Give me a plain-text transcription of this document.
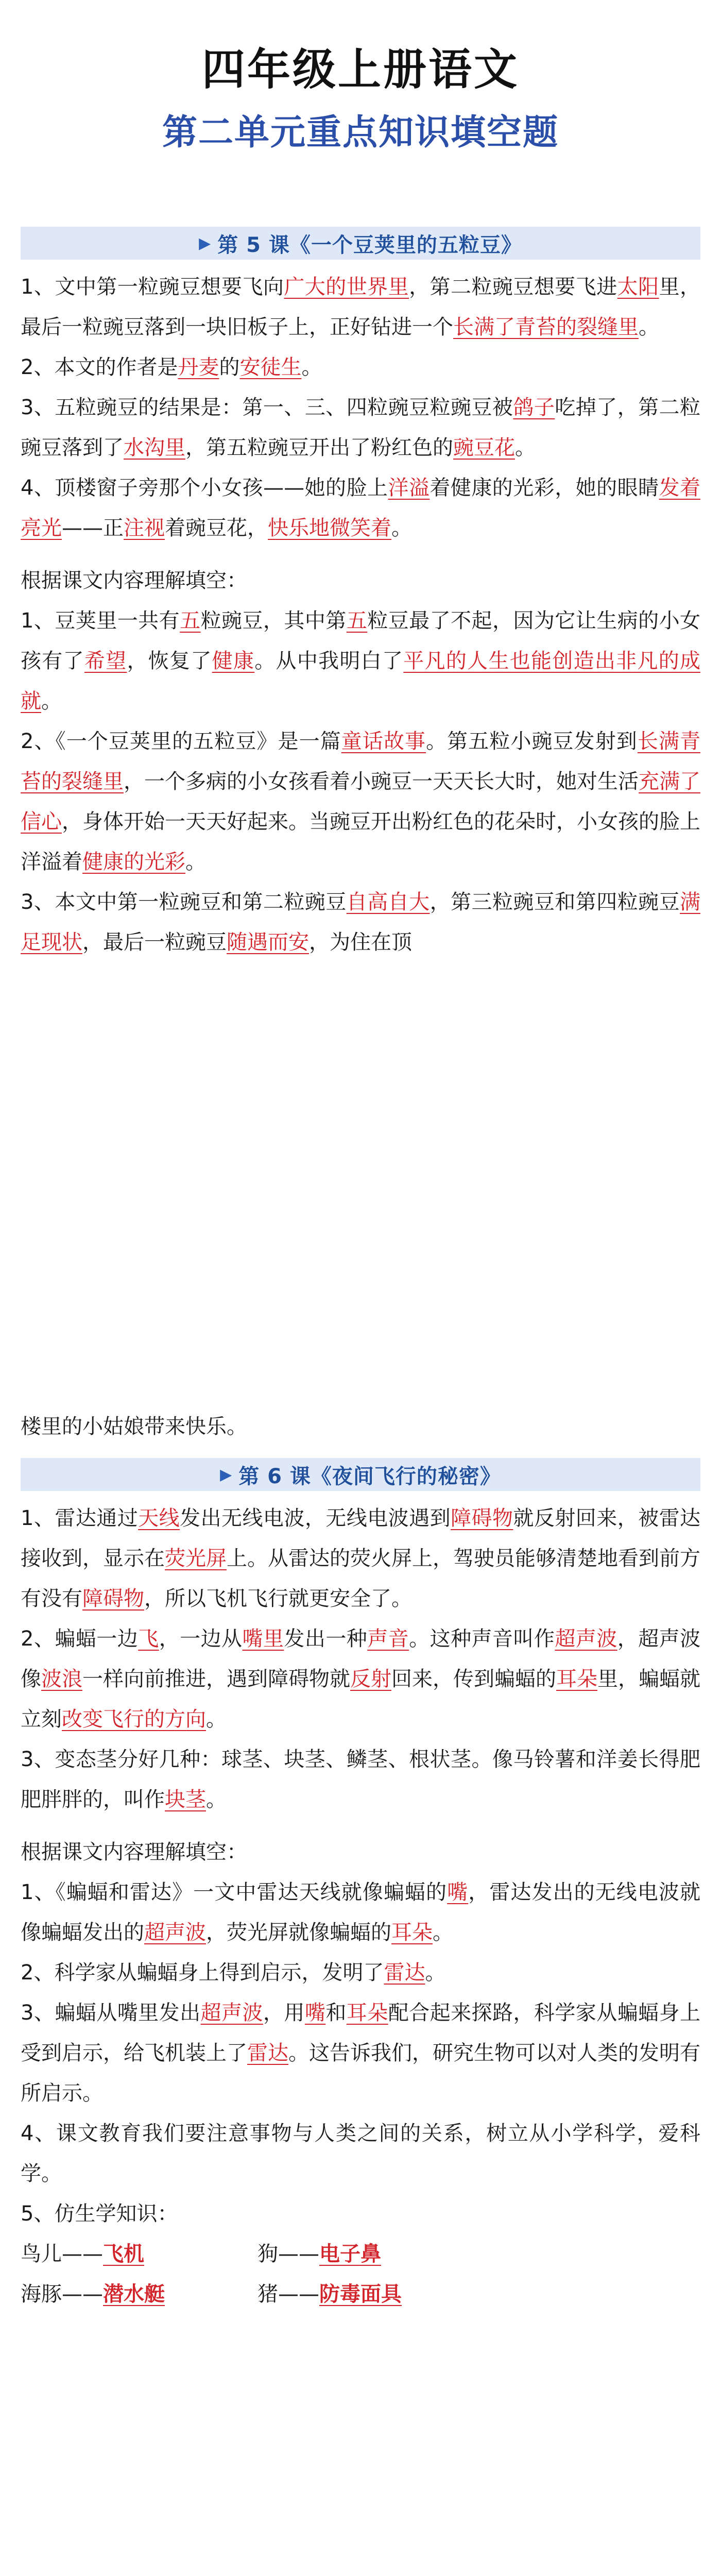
四年级上册语文
第二单元重点知识填空题
▶ 第 5 课《一个豆荚里的五粒豆》

1、文中第一粒豌豆想要飞向广大的世界里，第二粒豌豆想要飞进太阳里，最后一粒豌豆落到一块旧板子上，正好钻进一个长满了青苔的裂缝里。

2、本文的作者是丹麦的安徒生。

3、五粒豌豆的结果是：第一、三、四粒豌豆粒豌豆被鸽子吃掉了，第二粒豌豆落到了水沟里，第五粒豌豆开出了粉红色的豌豆花。

4、顶楼窗子旁那个小女孩——她的脸上洋溢着健康的光彩，她的眼睛发着亮光——正注视着豌豆花，快乐地微笑着。

根据课文内容理解填空：

1、豆荚里一共有五粒豌豆，其中第五粒豆最了不起，因为它让生病的小女孩有了希望，恢复了健康。从中我明白了平凡的人生也能创造出非凡的成就。

2、《一个豆荚里的五粒豆》是一篇童话故事。第五粒小豌豆发射到长满青苔的裂缝里，一个多病的小女孩看着小豌豆一天天长大时，她对生活充满了信心，身体开始一天天好起来。当豌豆开出粉红色的花朵时，小女孩的脸上洋溢着健康的光彩。

3、本文中第一粒豌豆和第二粒豌豆自高自大，第三粒豌豆和第四粒豌豆满足现状，最后一粒豌豆随遇而安，为住在顶

楼里的小姑娘带来快乐。

▶ 第 6 课《夜间飞行的秘密》

1、雷达通过天线发出无线电波，无线电波遇到障碍物就反射回来，被雷达接收到，显示在荧光屏上。从雷达的荧火屏上，驾驶员能够清楚地看到前方有没有障碍物，所以飞机飞行就更安全了。

2、蝙蝠一边飞，一边从嘴里发出一种声音。这种声音叫作超声波，超声波像波浪一样向前推进，遇到障碍物就反射回来，传到蝙蝠的耳朵里，蝙蝠就立刻改变飞行的方向。

3、变态茎分好几种：球茎、块茎、鳞茎、根状茎。像马铃薯和洋姜长得肥肥胖胖的，叫作块茎。

根据课文内容理解填空：

1、《蝙蝠和雷达》一文中雷达天线就像蝙蝠的嘴，雷达发出的无线电波就像蝙蝠发出的超声波，荧光屏就像蝙蝠的耳朵。

2、科学家从蝙蝠身上得到启示，发明了雷达。

3、蝙蝠从嘴里发出超声波，用嘴和耳朵配合起来探路，科学家从蝙蝠身上受到启示，给飞机装上了雷达。这告诉我们，研究生物可以对人类的发明有所启示。

4、课文教育我们要注意事物与人类之间的关系，树立从小学科学，爱科学。

5、仿生学知识：

鸟儿——飞机	狗——电子鼻
海豚——潜水艇	猪——防毒面具
